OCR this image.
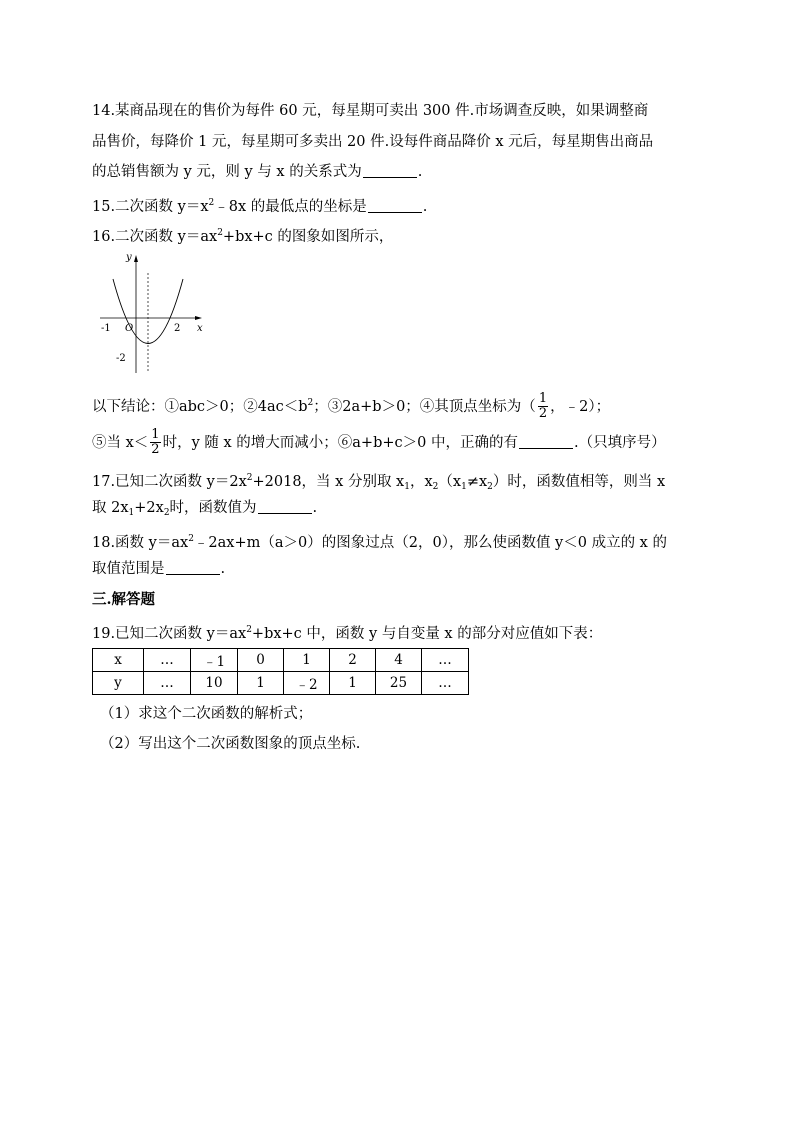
14.某商品现在的售价为每件 60 元，每星期可卖出 300 件.市场调查反映，如果调整商
品售价，每降价 1 元，每星期可多卖出 20 件.设每件商品降价 x 元后，每星期售出商品
的总销售额为 y 元，则 y 与 x 的关系式为	.
15.二次函数 $y=x^2﹣8x$ 的最低点的坐标是	.
16.二次函数 $y=ax^2+bx+c$ 的图象如图所示，
y
x
O
-1	2
-2
以下结论：①abc＞0；$②4ac<b^2$；③2a+b＞0；④其顶点坐标为（ $\frac{1}{2}$ ，﹣2）；
⑤当 $x< \frac{1}{2}$ 时，y 随 x 的增大而减小；⑥a+b+c＞0 中，正确的有	.（只填序号）
17.已知二次函数 $y=2x^2+2018$，当 x 分别取 $x_1$，$x_2(x_1\ne x_2)$时，函数值相等，则当 x
取 $2x_1+2x_2$时，函数值为	.
18.函数 $y=ax^2﹣2ax+m(a>0)$的图象过点（2，0），那么使函数值 y＜0 成立的 x 的
取值范围是	.
三.解答题
19.已知二次函数 $y=ax^2+bx+c$ 中，函数 y 与自变量 x 的部分对应值如下表：
x	…	﹣1	0	1	2	4	…
y	…	10	1	﹣2	1	25	…
（1）求这个二次函数的解析式；
（2）写出这个二次函数图象的顶点坐标.
